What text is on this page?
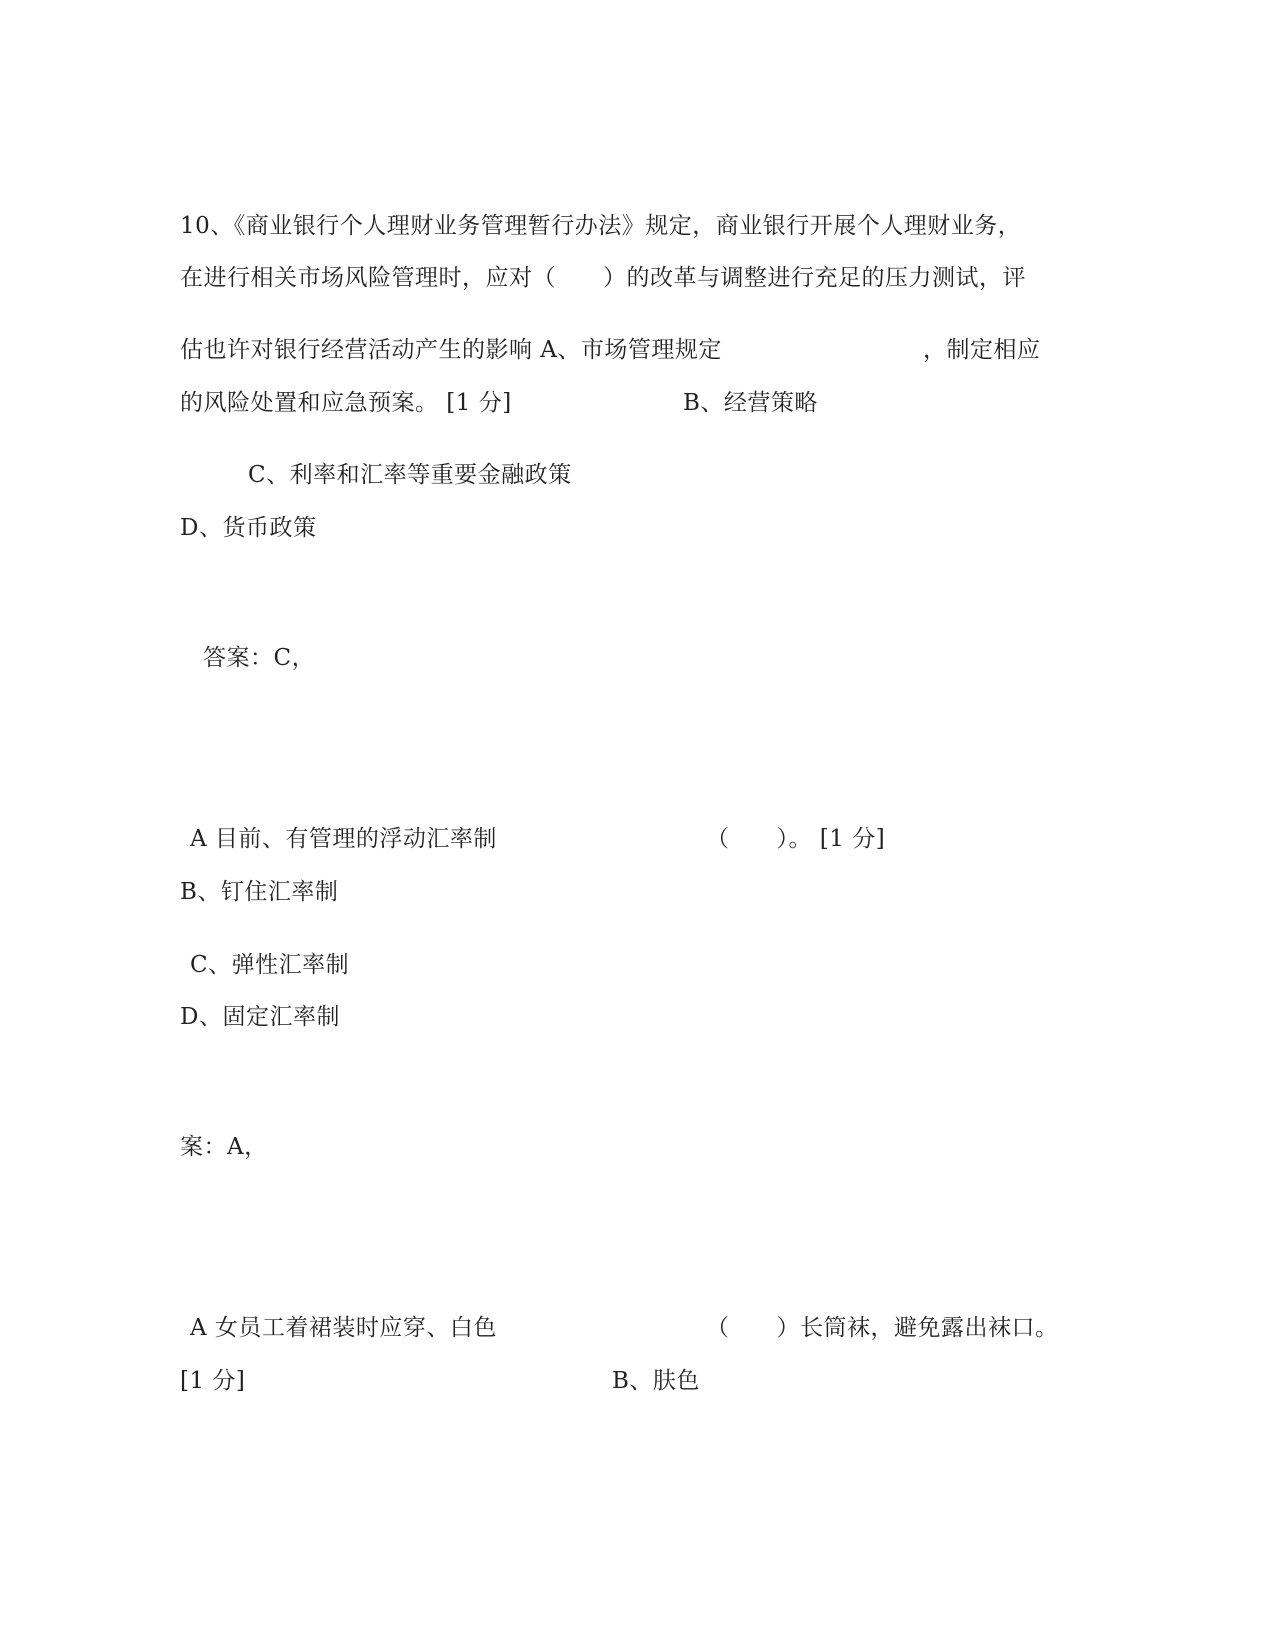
10、《商业银行个人理财业务管理暂行办法》规定，商业银行开展个人理财业务，
在进行相关市场风险管理时，应对（　　）的改革与调整进行充足的压力测试，评
估也许对银行经营活动产生的影响 A、市场管理规定	，制定相应
的风险处置和应急预案。 [1 分]	B、经营策略
C、利率和汇率等重要金融政策
D、货币政策
答案：C，
A 目前、有管理的浮动汇率制	（　　）。 [1 分]
B、钉住汇率制
C、弹性汇率制
D、固定汇率制
案：A，
A 女员工着裙装时应穿、白色	（　　）长筒袜，避免露出袜口。
[1 分]	B、肤色
